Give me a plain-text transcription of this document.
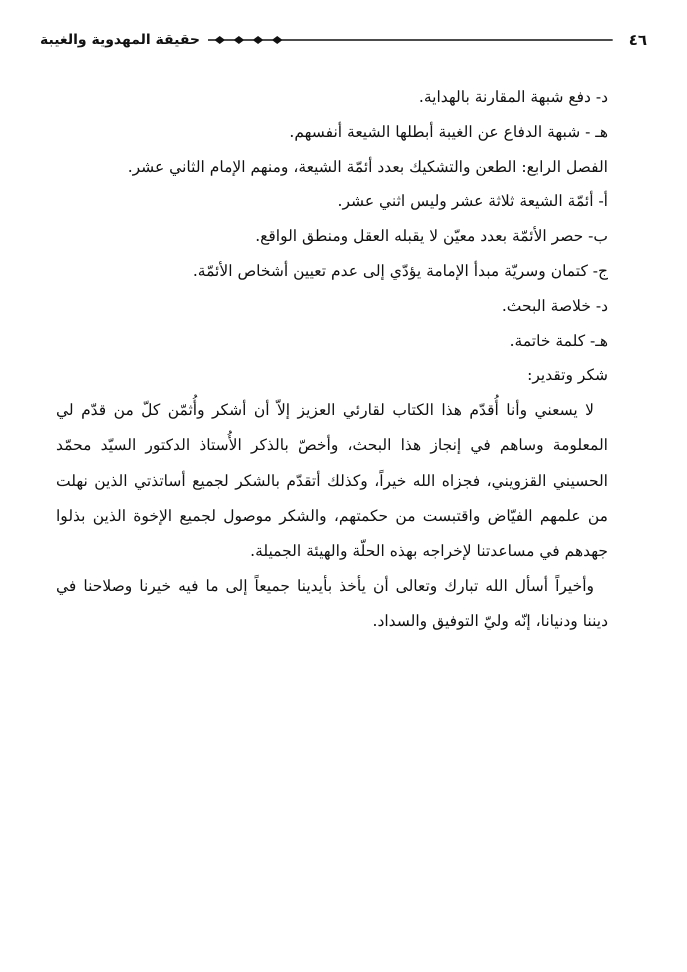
٤٦
حقيقة المهدوية والغيبة
د- دفع شبهة المقارنة بالهداية.
هـ - شبهة الدفاع عن الغيبة أبطلها الشيعة أنفسهم.
الفصل الرابع: الطعن والتشكيك بعدد أئمّة الشيعة، ومنهم الإمام الثاني عشر.
أ- أئمّة الشيعة ثلاثة عشر وليس اثني عشر.
ب- حصر الأئمّة بعدد معيّن لا يقبله العقل ومنطق الواقع.
ج- كتمان وسريّة مبدأ الإمامة يؤدّي إلى عدم تعيين أشخاص الأئمّة.
د- خلاصة البحث.
هـ- كلمة خاتمة.
شكر وتقدير:
لا يسعني وأنا أُقدّم هذا الكتاب لقارئي العزيز إلاّ أن أشكر وأُثمّن كلّ من قدّم لي المعلومة وساهم في إنجاز هذا البحث، وأخصّ بالذكر الأُستاذ الدكتور السيّد محمّد الحسيني القزويني، فجزاه الله خيراً، وكذلك أتقدّم بالشكر لجميع أساتذتي الذين نهلت من علمهم الفيّاض واقتبست من حكمتهم، والشكر موصول لجميع الإخوة الذين بذلوا جهدهم في مساعدتنا لإخراجه بهذه الحلّة والهيئة الجميلة.
وأخيراً أسأل الله تبارك وتعالى أن يأخذ بأيدينا جميعاً إلى ما فيه خيرنا وصلاحنا في ديننا ودنيانا، إنّه وليّ التوفيق والسداد.
